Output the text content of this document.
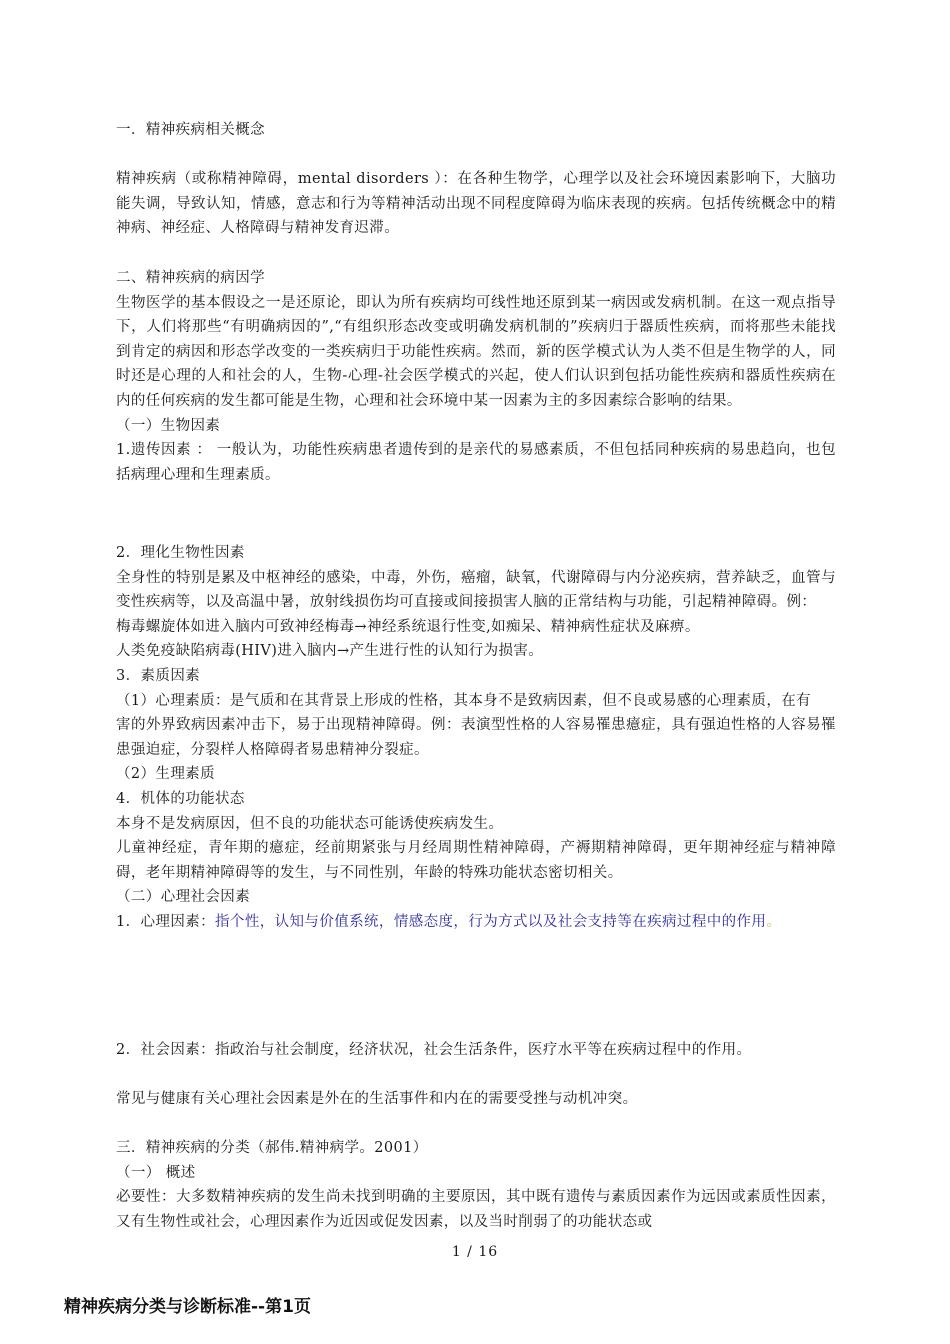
一．精神疾病相关概念

精神疾病（或称精神障碍，mental disorders ）：在各种生物学，心理学以及社会环境因素影响下，大脑功能失调，导致认知，情感，意志和行为等精神活动出现不同程度障碍为临床表现的疾病。包括传统概念中的精神病、神经症、人格障碍与精神发育迟滞。

二、精神疾病的病因学

生物医学的基本假设之一是还原论，即认为所有疾病均可线性地还原到某一病因或发病机制。在这一观点指导下，人们将那些“有明确病因的”,“有组织形态改变或明确发病机制的”疾病归于器质性疾病，而将那些未能找到肯定的病因和形态学改变的一类疾病归于功能性疾病。然而，新的医学模式认为人类不但是生物学的人，同时还是心理的人和社会的人，生物-心理-社会医学模式的兴起，使人们认识到包括功能性疾病和器质性疾病在内的任何疾病的发生都可能是生物，心理和社会环境中某一因素为主的多因素综合影响的结果。

（一）生物因素

1.遗传因素 ： 一般认为，功能性疾病患者遗传到的是亲代的易感素质，不但包括同种疾病的易患趋向，也包括病理心理和生理素质。

2．理化生物性因素

全身性的特别是累及中枢神经的感染，中毒，外伤，癌瘤，缺氧，代谢障碍与内分泌疾病，营养缺乏，血管与变性疾病等，以及高温中暑，放射线损伤均可直接或间接损害人脑的正常结构与功能，引起精神障碍。例：

梅毒螺旋体如进入脑内可致神经梅毒→神经系统退行性变,如痴呆、精神病性症状及麻痹。

人类免疫缺陷病毒(HIV)进入脑内→产生进行性的认知行为损害。

3．素质因素

（1）心理素质：是气质和在其背景上形成的性格，其本身不是致病因素，但不良或易感的心理素质，在有

害的外界致病因素冲击下，易于出现精神障碍。例：表演型性格的人容易罹患癔症，具有强迫性格的人容易罹患强迫症，分裂样人格障碍者易患精神分裂症。

（2）生理素质

4．机体的功能状态

本身不是发病原因，但不良的功能状态可能诱使疾病发生。

儿童神经症，青年期的癔症，经前期紧张与月经周期性精神障碍，产褥期精神障碍，更年期神经症与精神障碍，老年期精神障碍等的发生，与不同性别，年龄的特殊功能状态密切相关。

（二）心理社会因素

1．心理因素：指个性，认知与价值系统，情感态度，行为方式以及社会支持等在疾病过程中的作用。

2．社会因素：指政治与社会制度，经济状况，社会生活条件，医疗水平等在疾病过程中的作用。

常见与健康有关心理社会因素是外在的生活事件和内在的需要受挫与动机冲突。

三．精神疾病的分类（郝伟.精神病学。2001）

（一） 概述

必要性：大多数精神疾病的发生尚未找到明确的主要原因，其中既有遗传与素质因素作为远因或素质性因素，又有生物性或社会，心理因素作为近因或促发因素，以及当时削弱了的功能状态或

1 / 16
精神疾病分类与诊断标准--第1页
